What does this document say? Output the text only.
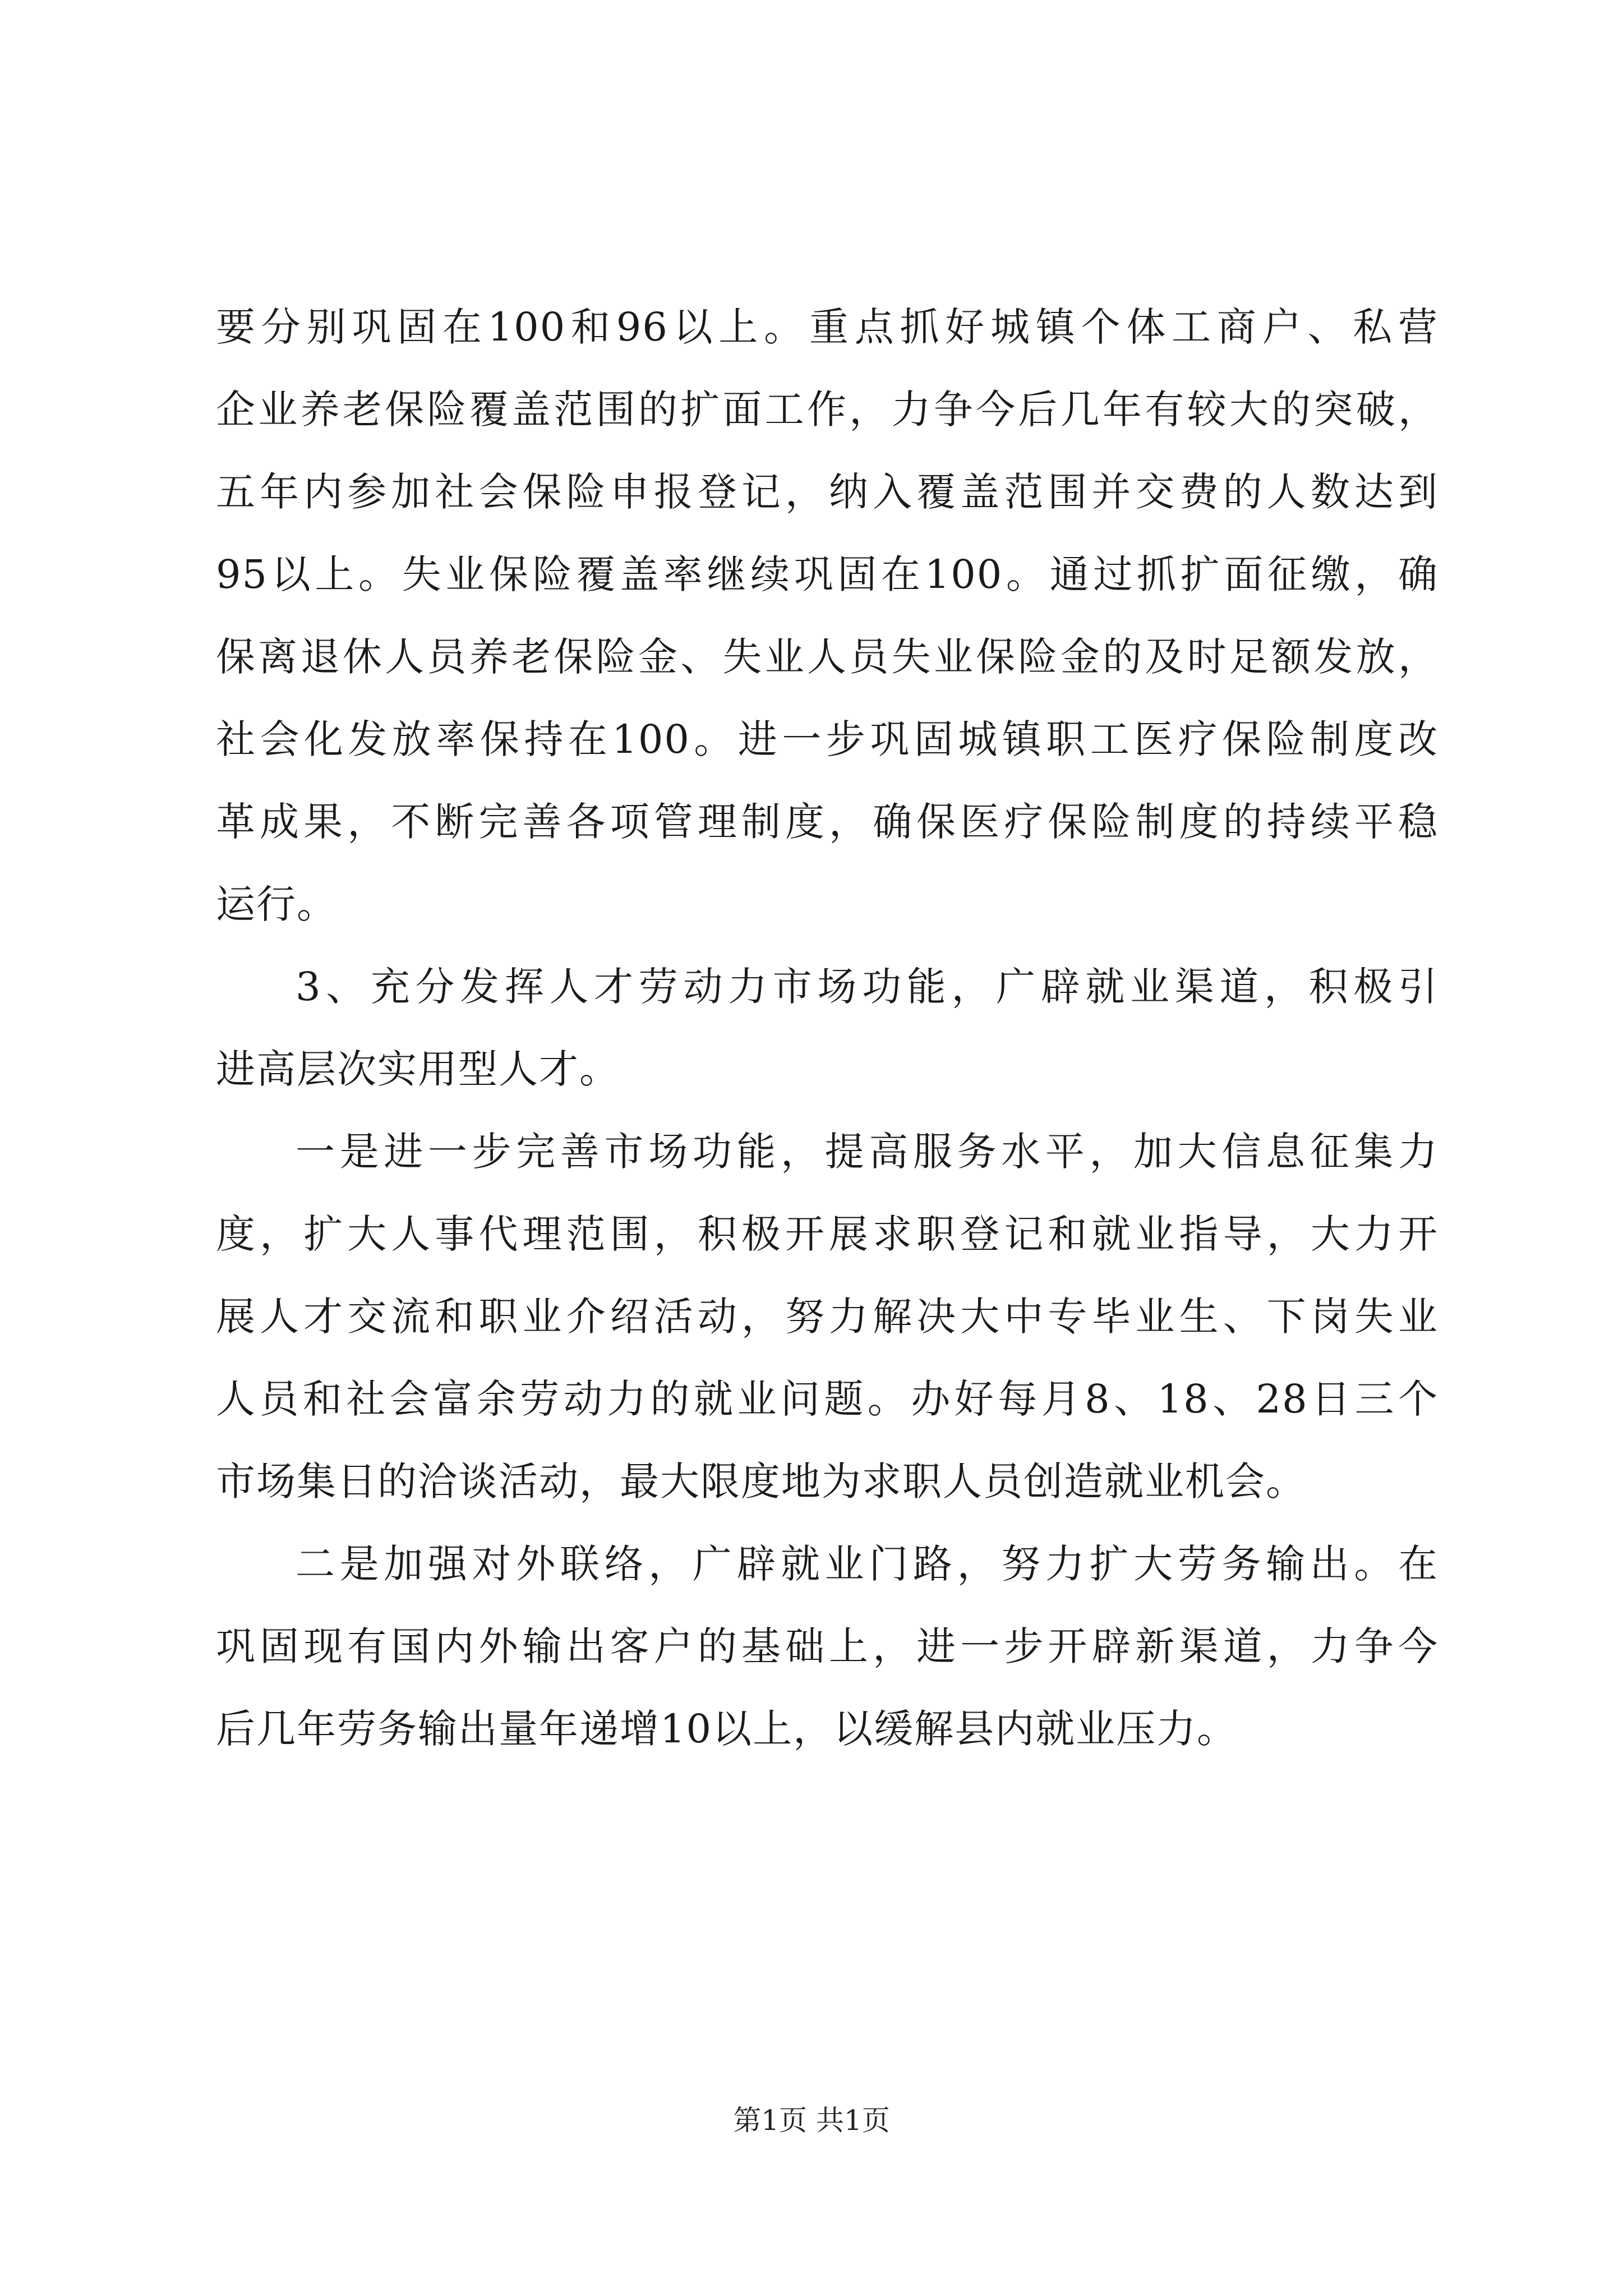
要分别巩固在100和96以上。重点抓好城镇个体工商户、私营
企业养老保险覆盖范围的扩面工作，力争今后几年有较大的突破，
五年内参加社会保险申报登记，纳入覆盖范围并交费的人数达到
95以上。失业保险覆盖率继续巩固在100。通过抓扩面征缴，确
保离退休人员养老保险金、失业人员失业保险金的及时足额发放，
社会化发放率保持在100。进一步巩固城镇职工医疗保险制度改
革成果，不断完善各项管理制度，确保医疗保险制度的持续平稳
运行。
3、充分发挥人才劳动力市场功能，广辟就业渠道，积极引
进高层次实用型人才。
一是进一步完善市场功能，提高服务水平，加大信息征集力
度，扩大人事代理范围，积极开展求职登记和就业指导，大力开
展人才交流和职业介绍活动，努力解决大中专毕业生、下岗失业
人员和社会富余劳动力的就业问题。办好每月8、18、28日三个
市场集日的洽谈活动，最大限度地为求职人员创造就业机会。
二是加强对外联络，广辟就业门路，努力扩大劳务输出。在
巩固现有国内外输出客户的基础上，进一步开辟新渠道，力争今
后几年劳务输出量年递增10以上，以缓解县内就业压力。
第1页 共1页
